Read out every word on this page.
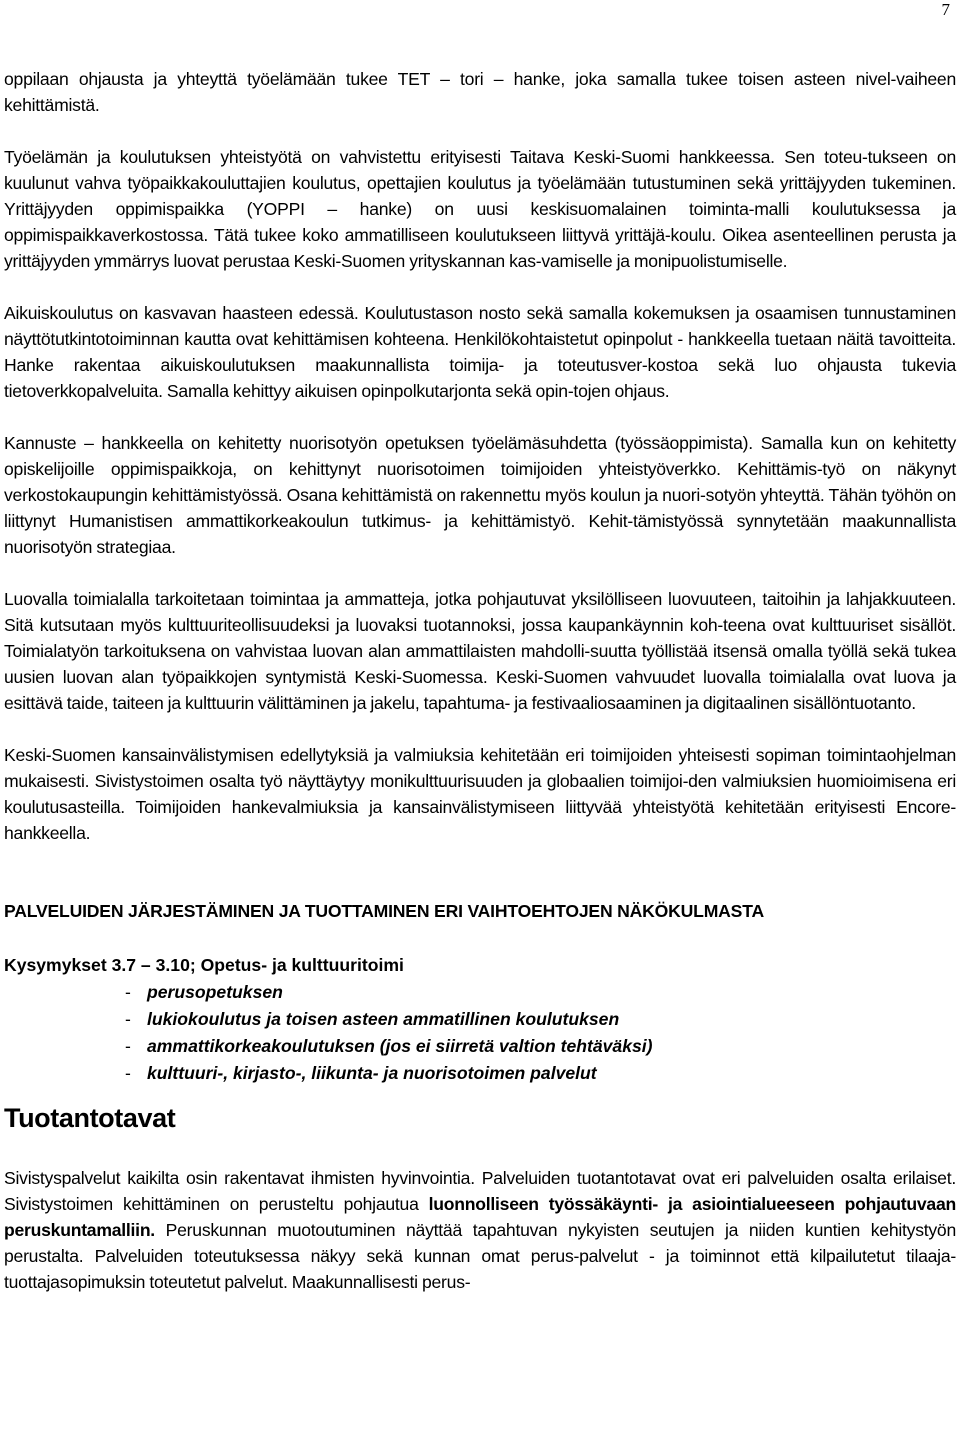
7

oppilaan ohjausta ja yhteyttä työelämään tukee TET – tori – hanke, joka samalla tukee toisen asteen nivel-vaiheen kehittämistä.

Työelämän ja koulutuksen yhteistyötä on vahvistettu erityisesti Taitava Keski-Suomi hankkeessa. Sen toteu-tukseen on kuulunut vahva työpaikkakouluttajien koulutus, opettajien koulutus ja työelämään tutustuminen sekä yrittäjyyden tukeminen. Yrittäjyyden oppimispaikka (YOPPI – hanke) on uusi keskisuomalainen toiminta-malli koulutuksessa ja oppimispaikkaverkostossa. Tätä tukee koko ammatilliseen koulutukseen liittyvä yrittäjä-koulu. Oikea asenteellinen perusta ja yrittäjyyden ymmärrys luovat perustaa Keski-Suomen yrityskannan kas-vamiselle ja monipuolistumiselle.

Aikuiskoulutus on kasvavan haasteen edessä. Koulutustason nosto sekä samalla kokemuksen ja osaamisen tunnustaminen näyttötutkintotoiminnan kautta ovat kehittämisen kohteena. Henkilökohtaistetut opinpolut - hankkeella tuetaan näitä tavoitteita. Hanke rakentaa aikuiskoulutuksen maakunnallista toimija- ja toteutusver-kostoa sekä luo ohjausta tukevia tietoverkkopalveluita. Samalla kehittyy aikuisen opinpolkutarjonta sekä opin-tojen ohjaus.

Kannuste – hankkeella on kehitetty nuorisotyön opetuksen työelämäsuhdetta (työssäoppimista). Samalla kun on kehitetty opiskelijoille oppimispaikkoja, on kehittynyt nuorisotoimen toimijoiden yhteistyöverkko. Kehittämis-työ on näkynyt verkostokaupungin kehittämistyössä. Osana kehittämistä on rakennettu myös koulun ja nuori-sotyön yhteyttä. Tähän työhön on liittynyt Humanistisen ammattikorkeakoulun tutkimus- ja kehittämistyö. Kehit-tämistyössä synnytetään maakunnallista nuorisotyön strategiaa.

Luovalla toimialalla tarkoitetaan toimintaa ja ammatteja, jotka pohjautuvat yksilölliseen luovuuteen, taitoihin ja lahjakkuuteen. Sitä kutsutaan myös kulttuuriteollisuudeksi ja luovaksi tuotannoksi, jossa kaupankäynnin koh-teena ovat kulttuuriset sisällöt. Toimialatyön tarkoituksena on vahvistaa luovan alan ammattilaisten mahdolli-suutta työllistää itsensä omalla työllä sekä tukea uusien luovan alan työpaikkojen syntymistä Keski-Suomessa. Keski-Suomen vahvuudet luovalla toimialalla ovat luova ja esittävä taide, taiteen ja kulttuurin välittäminen ja jakelu, tapahtuma- ja festivaaliosaaminen ja digitaalinen sisällöntuotanto.

Keski-Suomen kansainvälistymisen edellytyksiä ja valmiuksia kehitetään eri toimijoiden yhteisesti sopiman toimintaohjelman mukaisesti. Sivistystoimen osalta työ näyttäytyy monikulttuurisuuden ja globaalien toimijoi-den valmiuksien huomioimisena eri koulutusasteilla. Toimijoiden hankevalmiuksia ja kansainvälistymiseen liittyvää yhteistyötä kehitetään erityisesti Encore-hankkeella.

PALVELUIDEN JÄRJESTÄMINEN JA TUOTTAMINEN ERI VAIHTOEHTOJEN NÄKÖKULMASTA
Kysymykset 3.7 – 3.10; Opetus- ja kulttuuritoimi
- perusopetuksen
- lukiokoulutus ja toisen asteen ammatillinen koulutuksen
- ammattikorkeakoulutuksen (jos ei siirretä valtion tehtäväksi)
- kulttuuri-, kirjasto-, liikunta- ja nuorisotoimen palvelut
Tuotantotavat

Sivistyspalvelut kaikilta osin rakentavat ihmisten hyvinvointia. Palveluiden tuotantotavat ovat eri palveluiden osalta erilaiset. Sivistystoimen kehittäminen on perusteltu pohjautua luonnolliseen työssäkäynti- ja asiointialueeseen pohjautuvaan peruskuntamalliin. Peruskunnan muotoutuminen näyttää tapahtuvan nykyisten seutujen ja niiden kuntien kehitystyön perustalta. Palveluiden toteutuksessa näkyy sekä kunnan omat perus-palvelut - ja toiminnot että kilpailutetut tilaaja-tuottajasopimuksin toteutetut palvelut. Maakunnallisesti perus-
